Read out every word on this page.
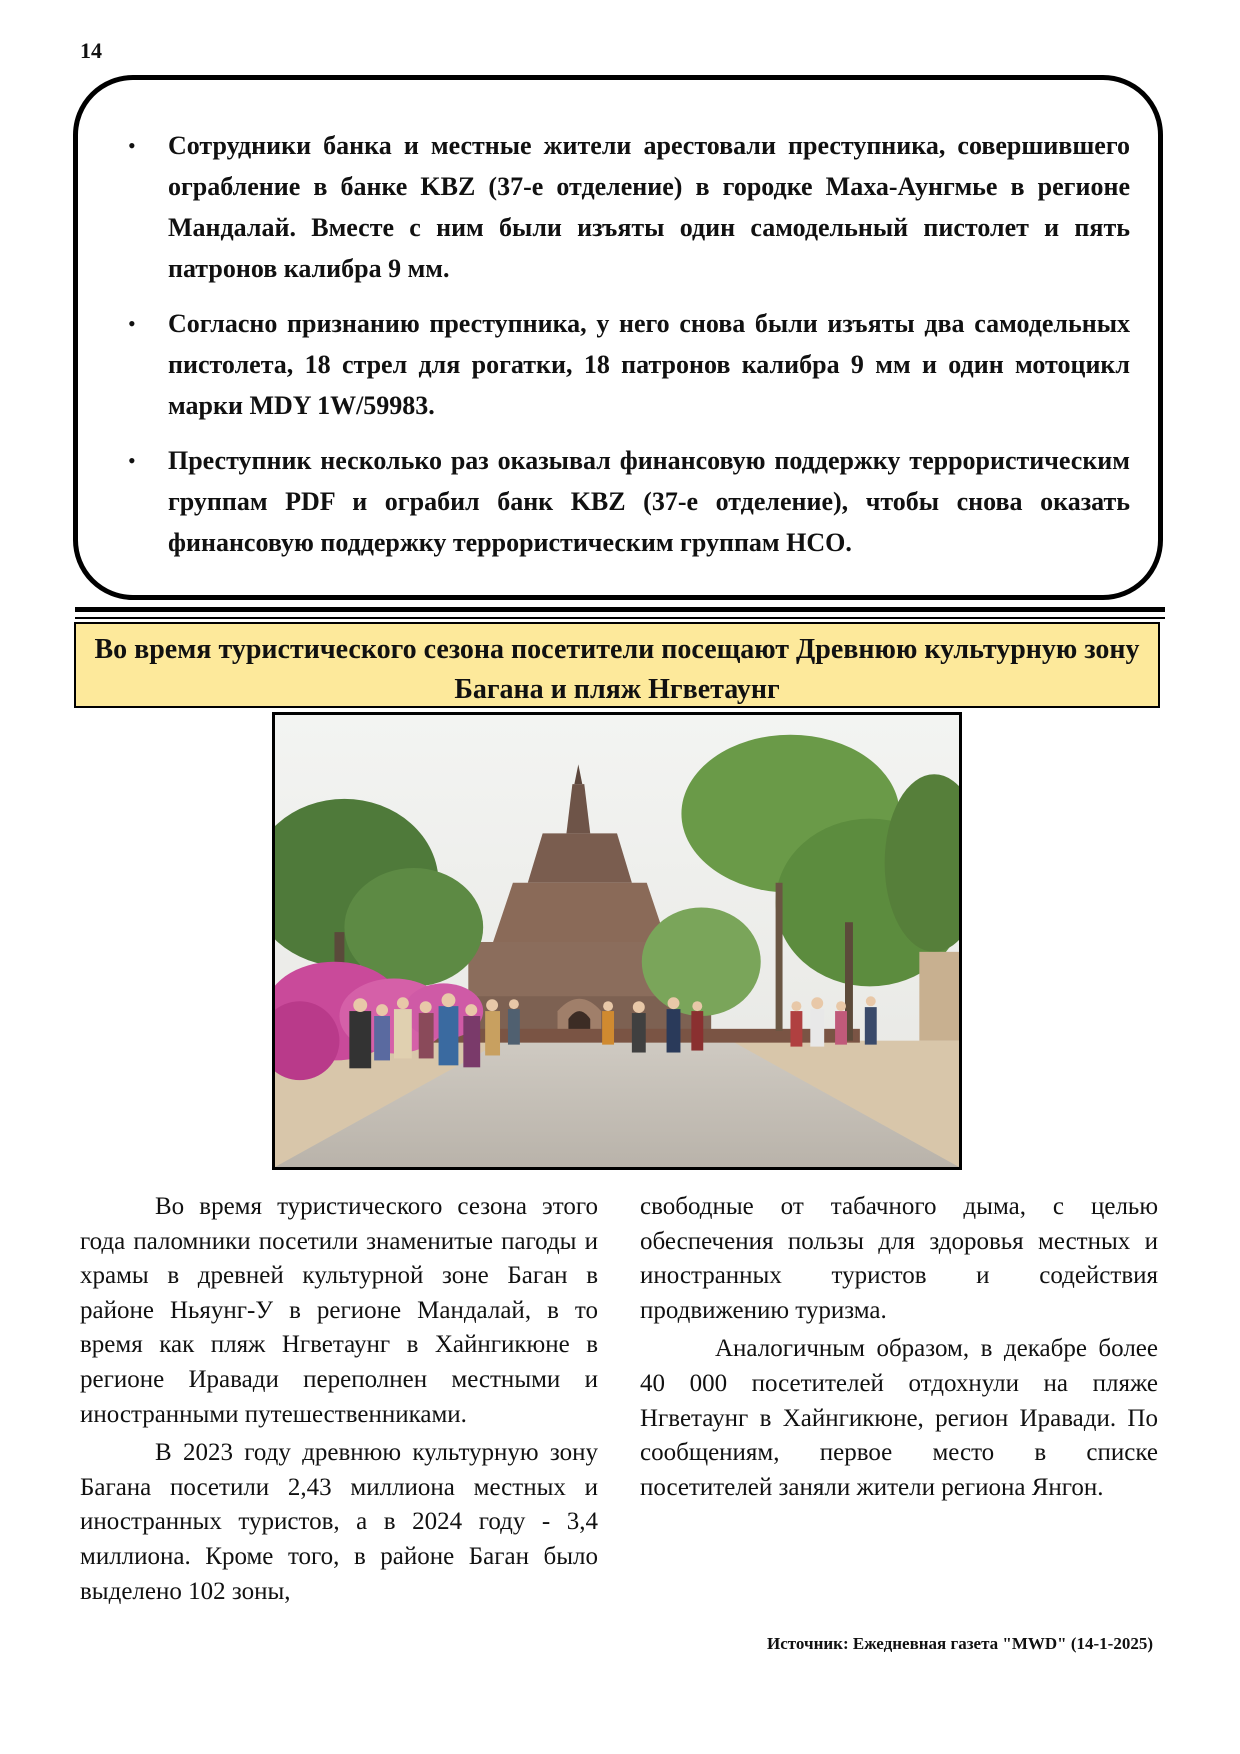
14
• Сотрудники банка и местные жители арестовали преступника, совершившего ограбление в банке KBZ (37-е отделение) в городке Маха-Аунгмье в регионе Мандалай. Вместе с ним были изъяты один самодельный пистолет и пять патронов калибра 9 мм.
• Согласно признанию преступника, у него снова были изъяты два самодельных пистолета, 18 стрел для рогатки, 18 патронов калибра 9 мм и один мотоцикл марки MDY 1W/59983.
• Преступник несколько раз оказывал финансовую поддержку террористическим группам PDF и ограбил банк KBZ (37-е отделение), чтобы снова оказать финансовую поддержку террористическим группам НСО.
Во время туристического сезона посетители посещают Древнюю культурную зону Багана и пляж Нгветаунг

Во время туристического сезона этого года паломники посетили знаменитые пагоды и храмы в древней культурной зоне Баган в районе Ньяунг-У в регионе Мандалай, в то время как пляж Нгветаунг в Хайнгикюне в регионе Иравади переполнен местными и иностранными путешественниками.

В 2023 году древнюю культурную зону Багана посетили 2,43 миллиона местных и иностранных туристов, а в 2024 году - 3,4 миллиона. Кроме того, в районе Баган было выделено 102 зоны,

свободные от табачного дыма, с целью обеспечения пользы для здоровья местных и иностранных туристов и содействия продвижению туризма.

Аналогичным образом, в декабре более 40 000 посетителей отдохнули на пляже Нгветаунг в Хайнгикюне, регион Иравади. По сообщениям, первое место в списке посетителей заняли жители региона Янгон.

Источник: Ежедневная газета "MWD" (14-1-2025)
